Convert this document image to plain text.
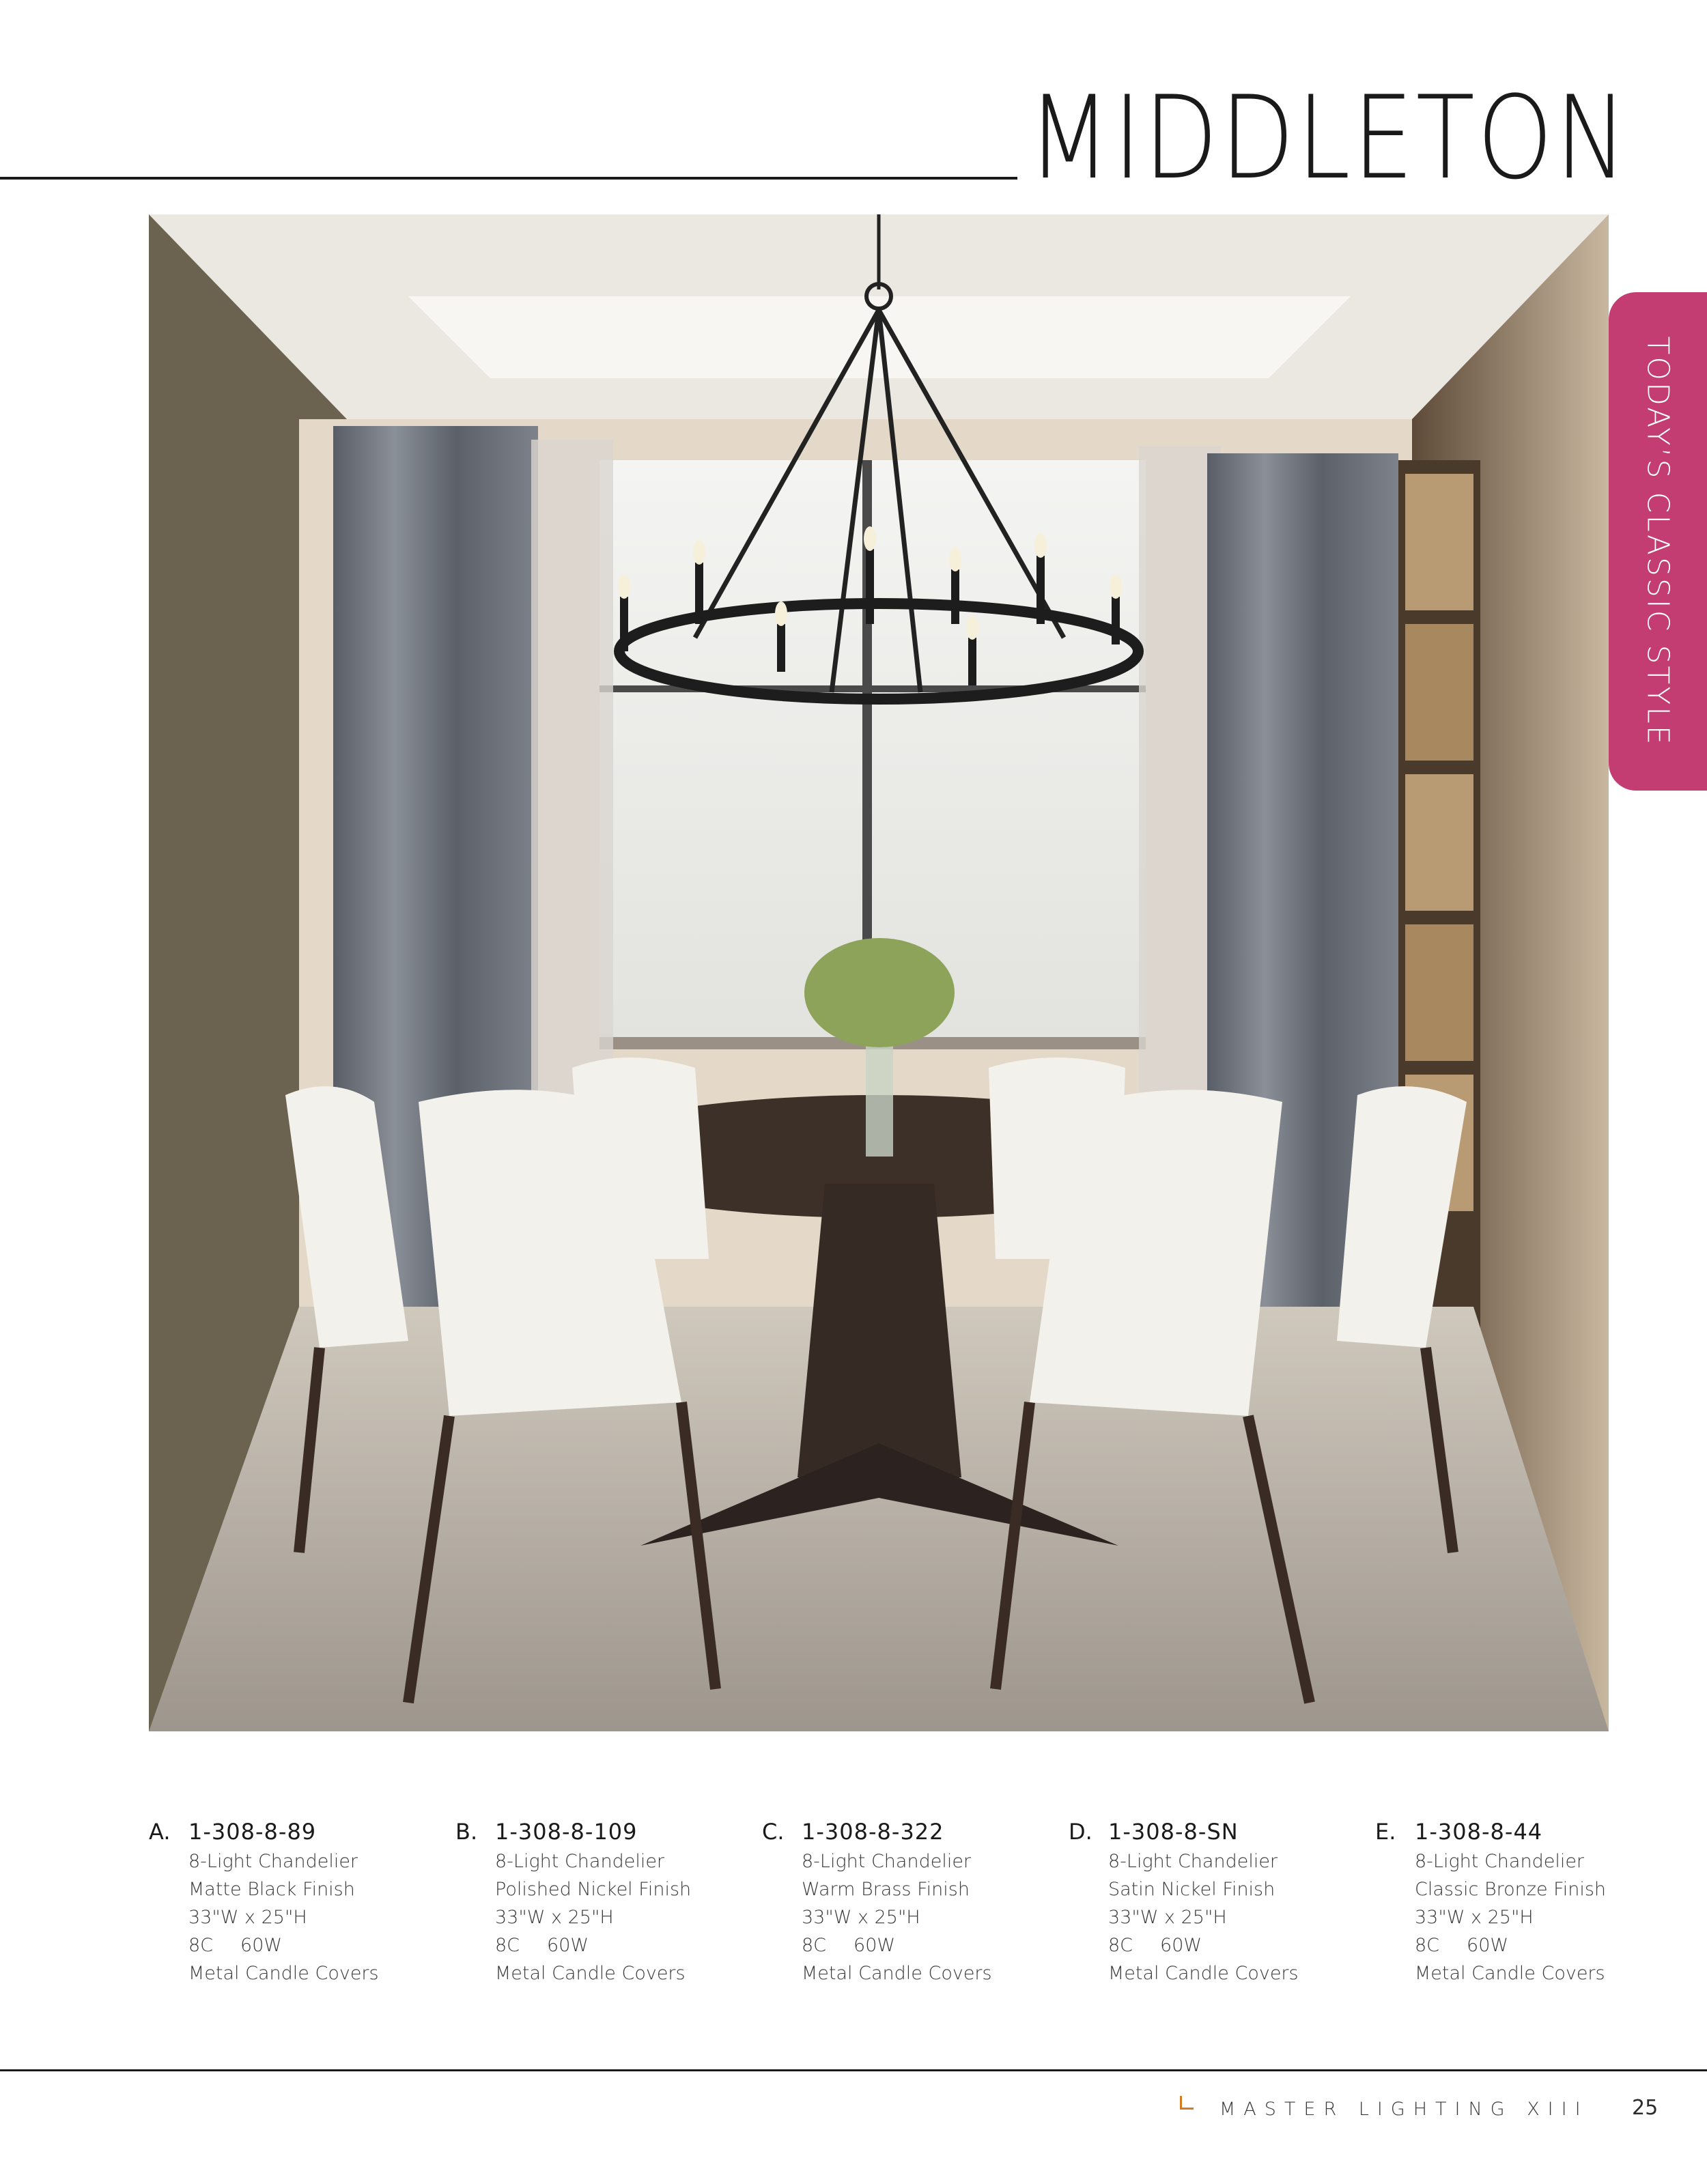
MIDDLETON
TODAY’S CLASSIC STYLE
A. 1-308-8-89
8-Light Chandelier
Matte Black Finish
33"W x 25"H
8C 60W
Metal Candle Covers
B. 1-308-8-109
8-Light Chandelier
Polished Nickel Finish
33"W x 25"H
8C 60W
Metal Candle Covers
C. 1-308-8-322
8-Light Chandelier
Warm Brass Finish
33"W x 25"H
8C 60W
Metal Candle Covers
D. 1-308-8-SN
8-Light Chandelier
Satin Nickel Finish
33"W x 25"H
8C 60W
Metal Candle Covers
E. 1-308-8-44
8-Light Chandelier
Classic Bronze Finish
33"W x 25"H
8C 60W
Metal Candle Covers
MASTER LIGHTING XIII 25
